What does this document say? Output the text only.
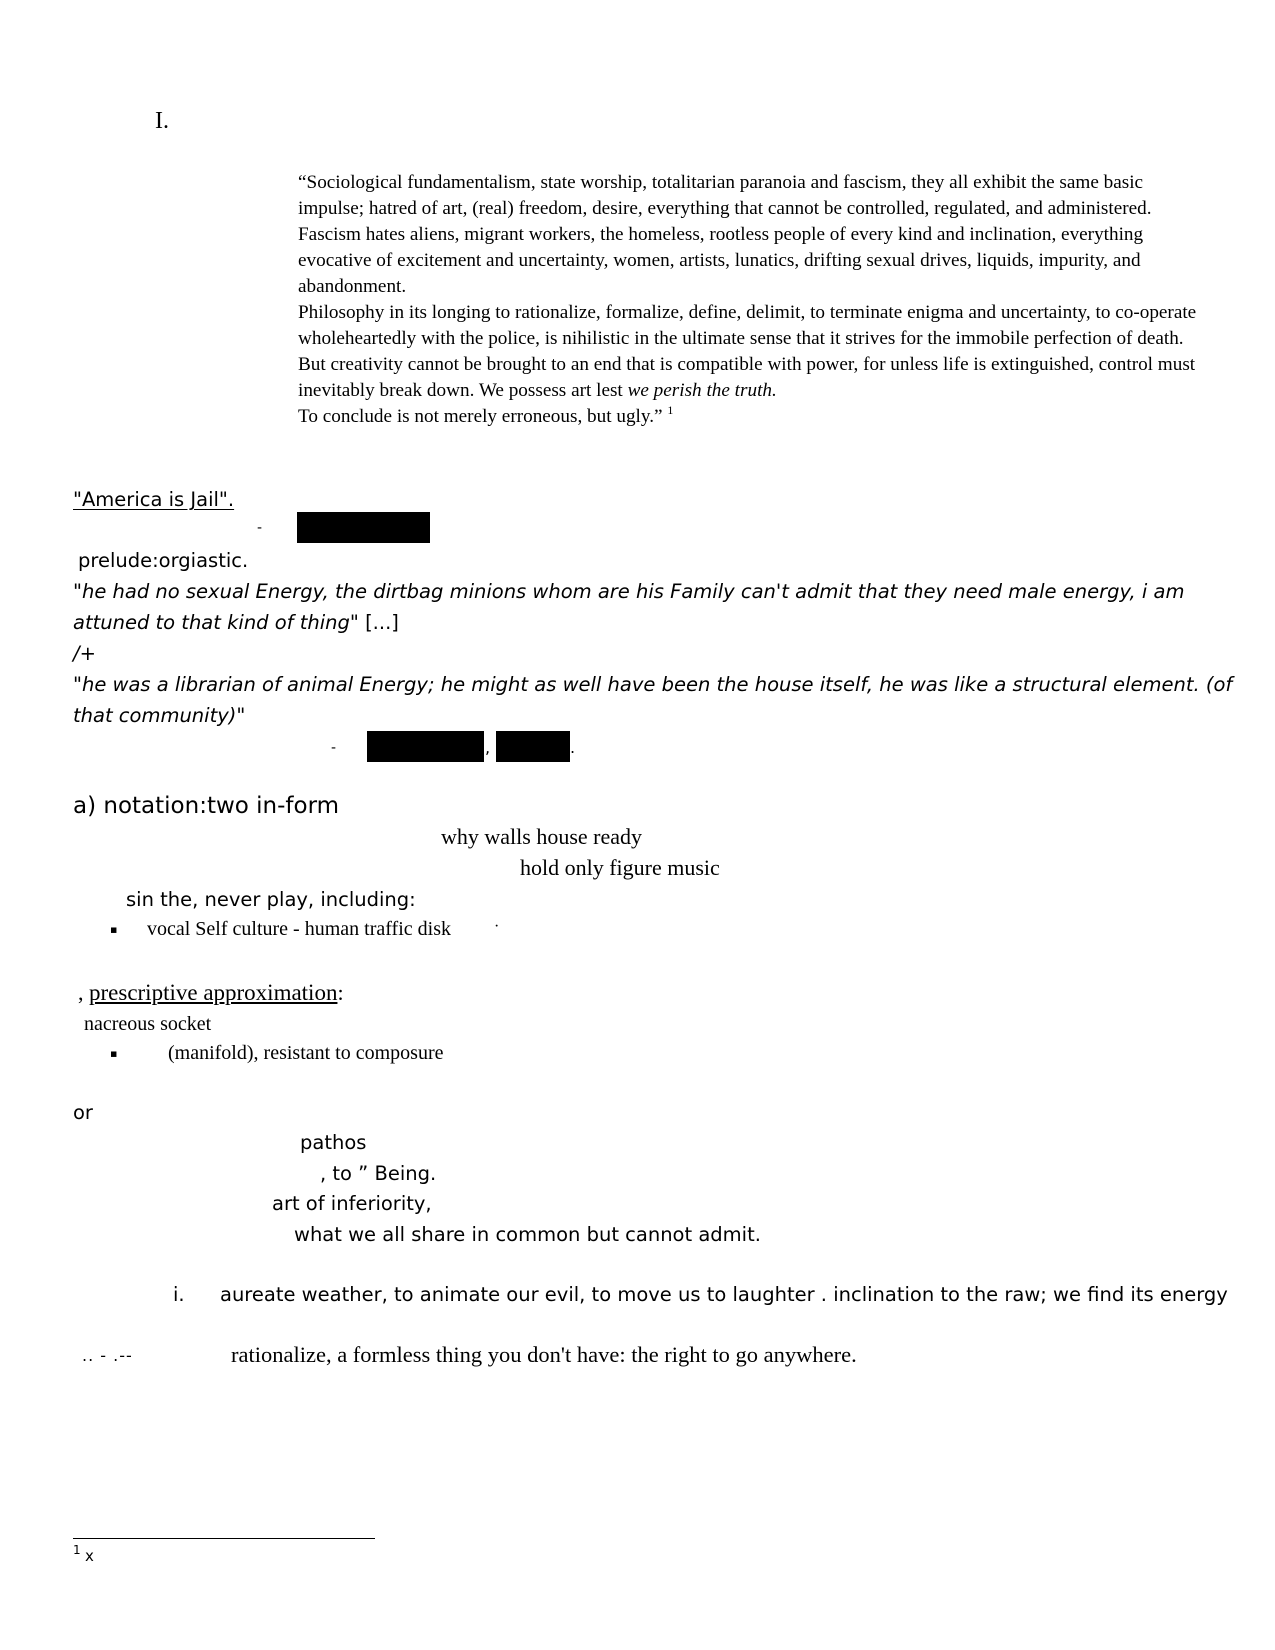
I.

“Sociological fundamentalism, state worship, totalitarian paranoia and fascism, they all exhibit the same basic impulse; hatred of art, (real) freedom, desire, everything that cannot be controlled, regulated, and administered. Fascism hates aliens, migrant workers, the homeless, rootless people of every kind and inclination, everything evocative of excitement and uncertainty, women, artists, lunatics, drifting sexual drives, liquids, impurity, and abandonment.

Philosophy in its longing to rationalize, formalize, define, delimit, to terminate enigma and uncertainty, to co-operate wholeheartedly with the police, is nihilistic in the ultimate sense that it strives for the immobile perfection of death. But creativity cannot be brought to an end that is compatible with power, for unless life is extinguished, control must inevitably break down. We possess art lest we perish the truth.

To conclude is not merely erroneous, but ugly.” $^1$

"America is Jail".
-
prelude:orgiastic.
"he had no sexual Energy, the dirtbag minions whom are his Family can't admit that they need male energy, i am
attuned to that kind of thing" [...]
/+
"he was a librarian of animal Energy; he might as well have been the house itself, he was like a structural element. (of
that community)"
-	,	.
a) notation:two in-form
why walls house ready
hold only figure music
sin the, never play, including:
▪ vocal Self culture - human traffic disk	·
, prescriptive approximation:
nacreous socket
▪	(manifold), resistant to composure
or
pathos
, to ” Being.
art of inferiority,
what we all share in common but cannot admit.
i. aureate weather, to animate our evil, to move us to laughter . inclination to the raw; we find its energy
.. - .--	rationalize, a formless thing you don't have: the right to go anywhere.
1 x
